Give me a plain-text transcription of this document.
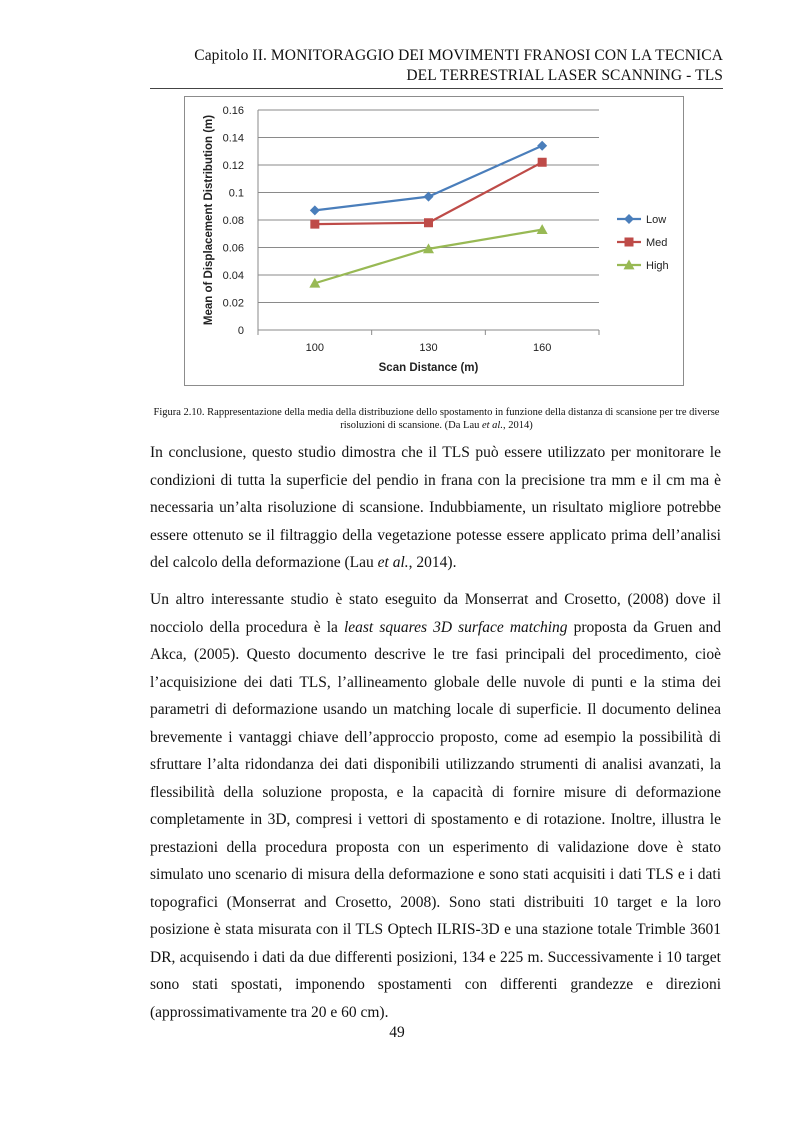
Capitolo II. MONITORAGGIO DEI MOVIMENTI FRANOSI CON LA TECNICA
DEL TERRESTRIAL LASER SCANNING - TLS
0
0.02
0.04
0.06
0.08
0.1
0.12
0.14
0.16
100	130	160
Scan Distance (m)
Mean of Displacement Distribution (m)	Low
Med
High
Figura 2.10. Rappresentazione della media della distribuzione dello spostamento in funzione della distanza di scansione per tre diverse risoluzioni di scansione. (Da Lau et al., 2014)

In conclusione, questo studio dimostra che il TLS può essere utilizzato per monitorare le condizioni di tutta la superficie del pendio in frana con la precisione tra mm e il cm ma è necessaria un’alta risoluzione di scansione. Indubbiamente, un risultato migliore potrebbe essere ottenuto se il filtraggio della vegetazione potesse essere applicato prima dell’analisi del calcolo della deformazione (Lau et al., 2014).

Un altro interessante studio è stato eseguito da Monserrat and Crosetto, (2008) dove il nocciolo della procedura è la least squares 3D surface matching proposta da Gruen and Akca, (2005). Questo documento descrive le tre fasi principali del procedimento, cioè l’acquisizione dei dati TLS, l’allineamento globale delle nuvole di punti e la stima dei parametri di deformazione usando un matching locale di superficie. Il documento delinea brevemente i vantaggi chiave dell’approccio proposto, come ad esempio la possibilità di sfruttare l’alta ridondanza dei dati disponibili utilizzando strumenti di analisi avanzati, la flessibilità della soluzione proposta, e la capacità di fornire misure di deformazione completamente in 3D, compresi i vettori di spostamento e di rotazione. Inoltre, illustra le prestazioni della procedura proposta con un esperimento di validazione dove è stato simulato uno scenario di misura della deformazione e sono stati acquisiti i dati TLS e i dati topografici (Monserrat and Crosetto, 2008). Sono stati distribuiti 10 target e la loro posizione è stata misurata con il TLS Optech ILRIS-3D e una stazione totale Trimble 3601 DR, acquisendo i dati da due differenti posizioni, 134 e 225 m. Successivamente i 10 target sono stati spostati, imponendo spostamenti con differenti grandezze e direzioni (approssimativamente tra 20 e 60 cm).

49
